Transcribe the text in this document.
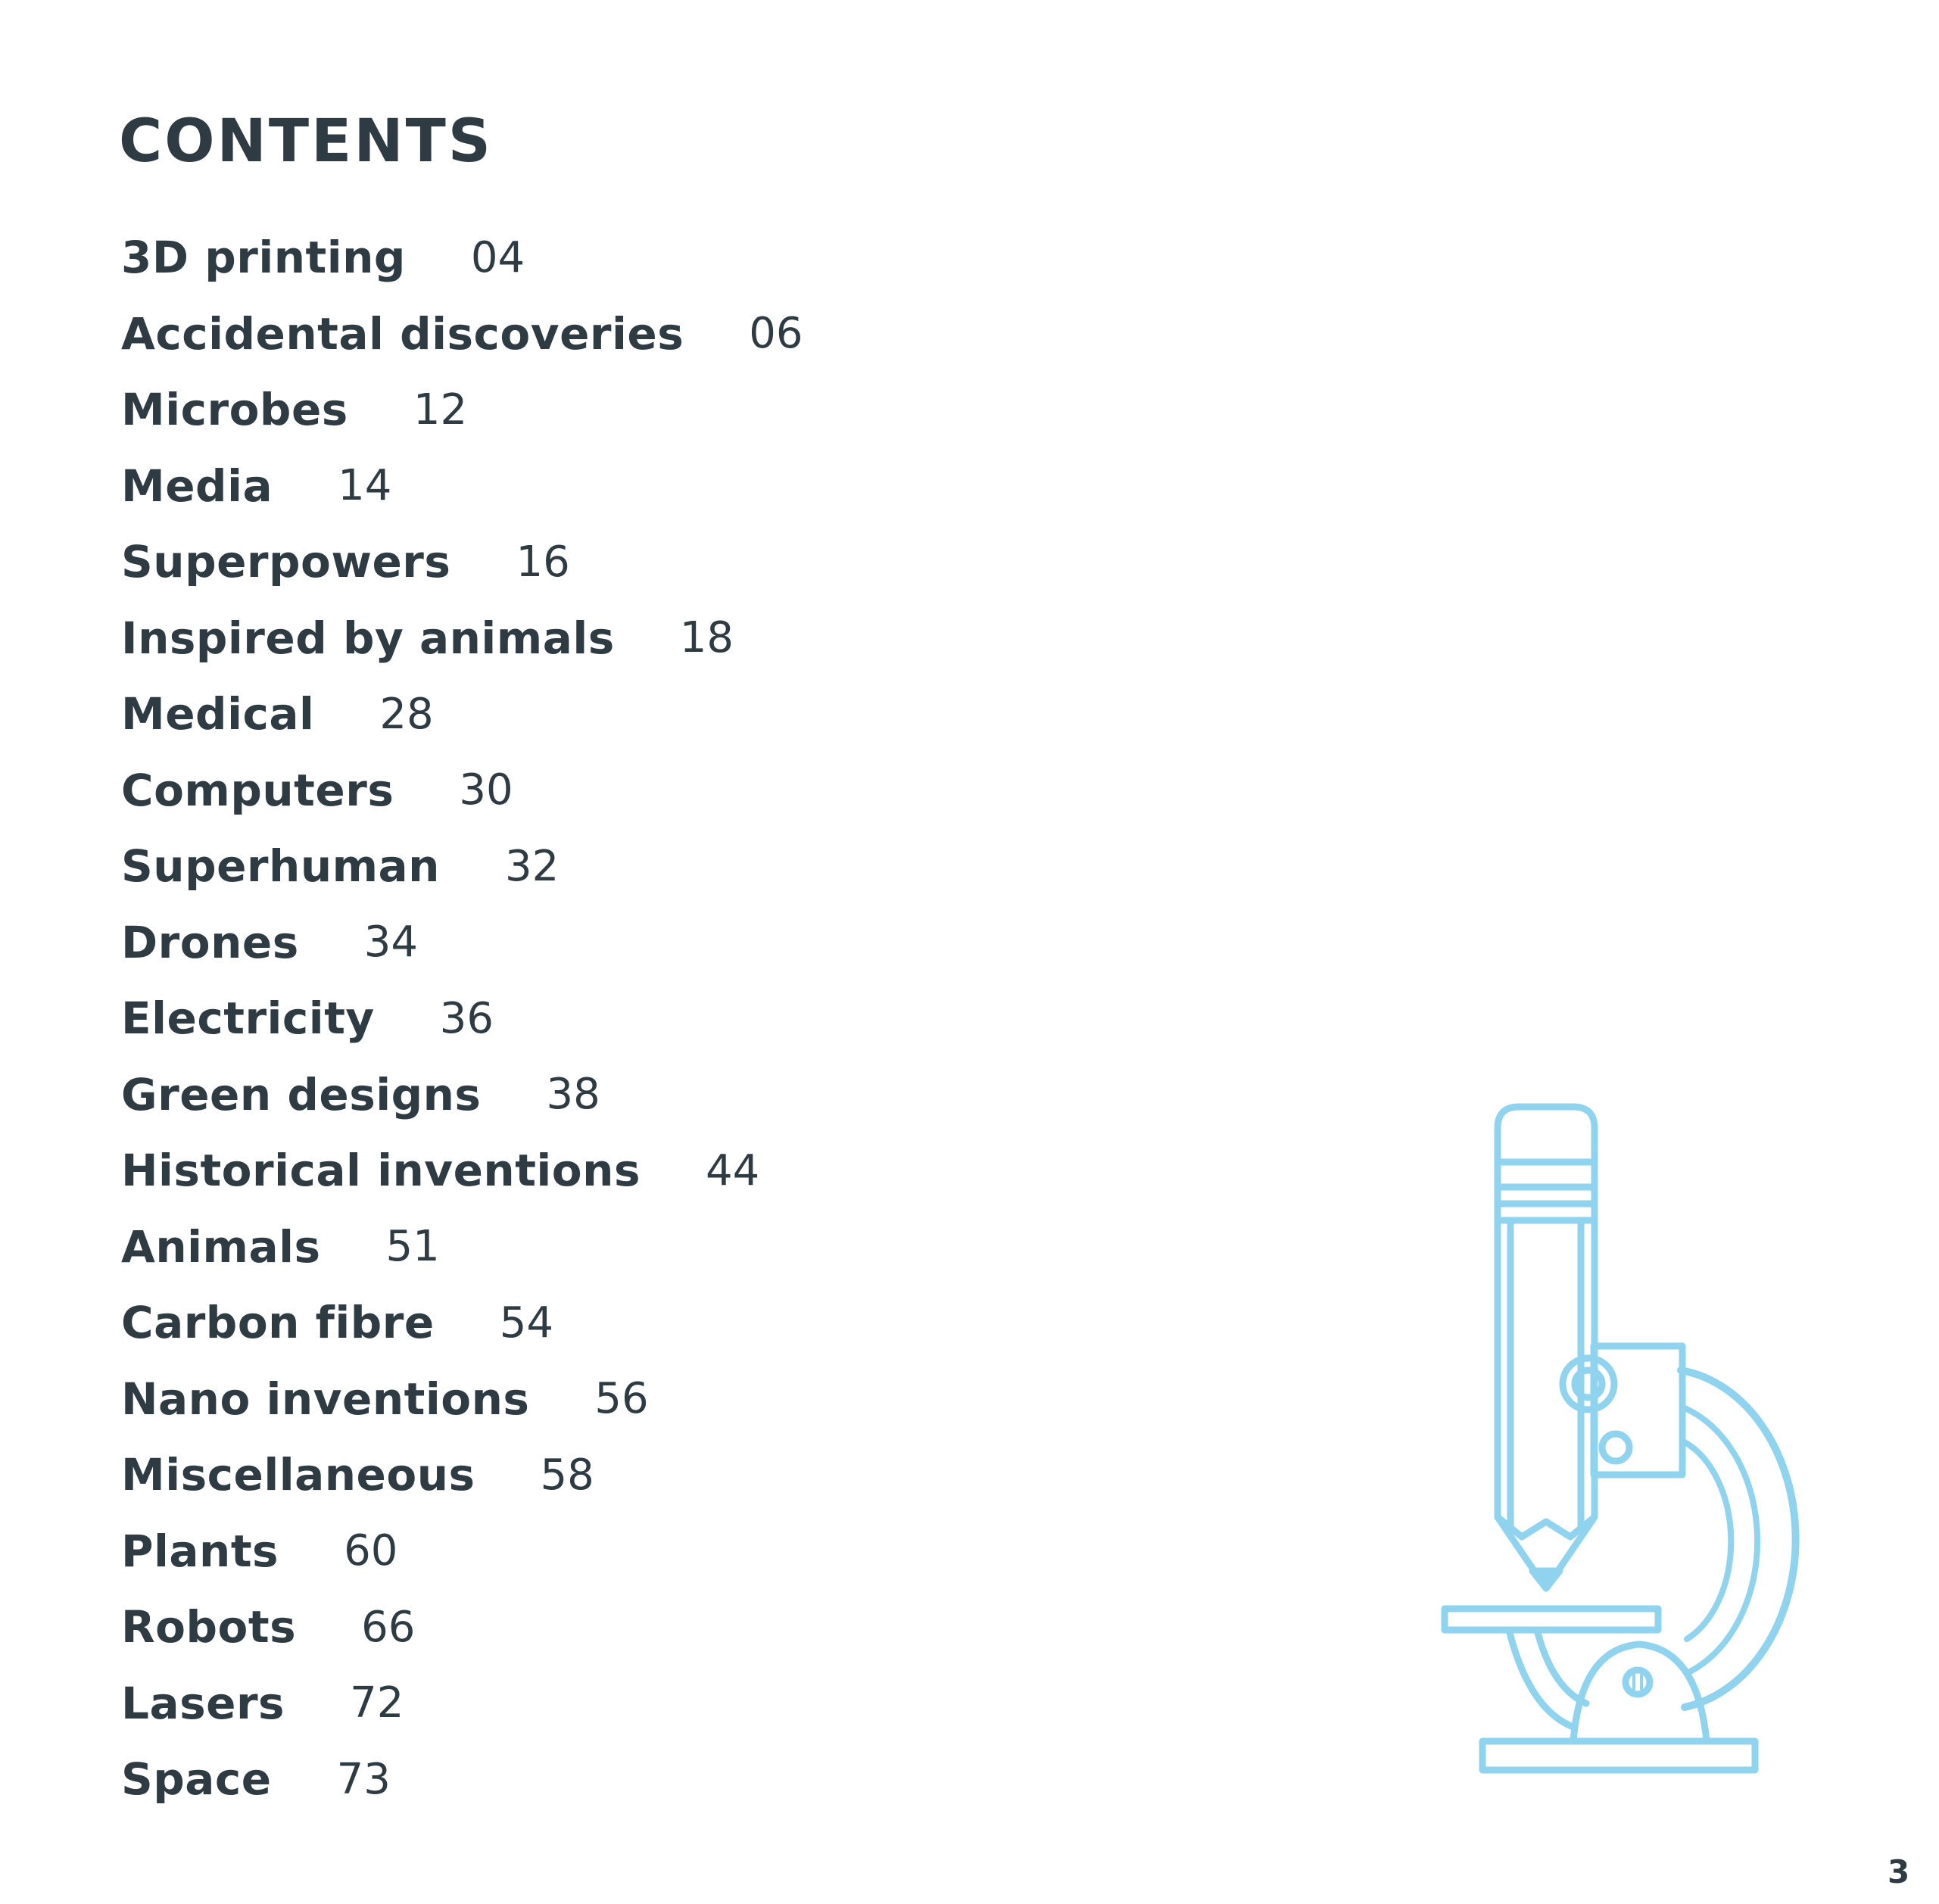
CONTENTS
3D printing 04
Accidental discoveries 06
Microbes 12
Media 14
Superpowers 16
Inspired by animals 18
Medical 28
Computers 30
Superhuman 32
Drones 34
Electricity 36
Green designs 38
Historical inventions 44
Animals 51
Carbon fibre 54
Nano inventions 56
Miscellaneous 58
Plants 60
Robots 66
Lasers 72
Space 73
3
